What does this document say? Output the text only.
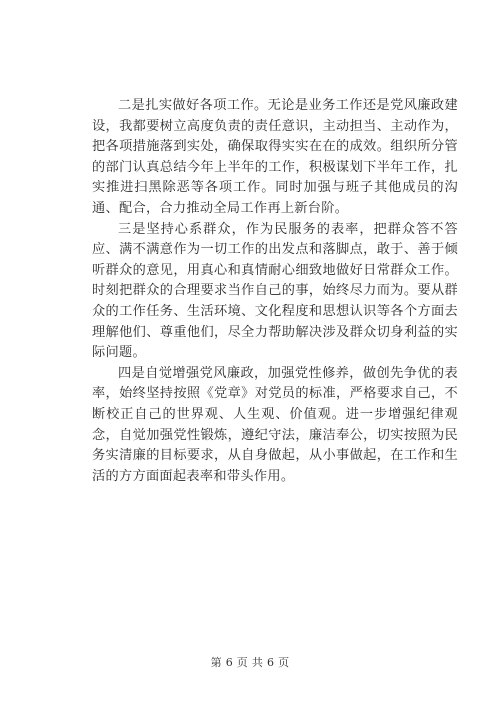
二是扎实做好各项工作。无论是业务工作还是党风廉政建设，我都要树立高度负责的责任意识，主动担当、主动作为，把各项措施落到实处，确保取得实实在在的成效。组织所分管的部门认真总结今年上半年的工作，积极谋划下半年工作，扎实推进扫黑除恶等各项工作。同时加强与班子其他成员的沟通、配合，合力推动全局工作再上新台阶。

三是坚持心系群众，作为民服务的表率，把群众答不答应、满不满意作为一切工作的出发点和落脚点，敢于、善于倾听群众的意见，用真心和真情耐心细致地做好日常群众工作。时刻把群众的合理要求当作自己的事，始终尽力而为。要从群众的工作任务、生活环境、文化程度和思想认识等各个方面去理解他们、尊重他们，尽全力帮助解决涉及群众切身利益的实际问题。

四是自觉增强党风廉政，加强党性修养，做创先争优的表率，始终坚持按照《党章》对党员的标准，严格要求自己，不断校正自己的世界观、人生观、价值观。进一步增强纪律观念，自觉加强党性锻炼，遵纪守法，廉洁奉公，切实按照为民务实清廉的目标要求，从自身做起，从小事做起，在工作和生活的方方面面起表率和带头作用。

第 6 页 共 6 页
